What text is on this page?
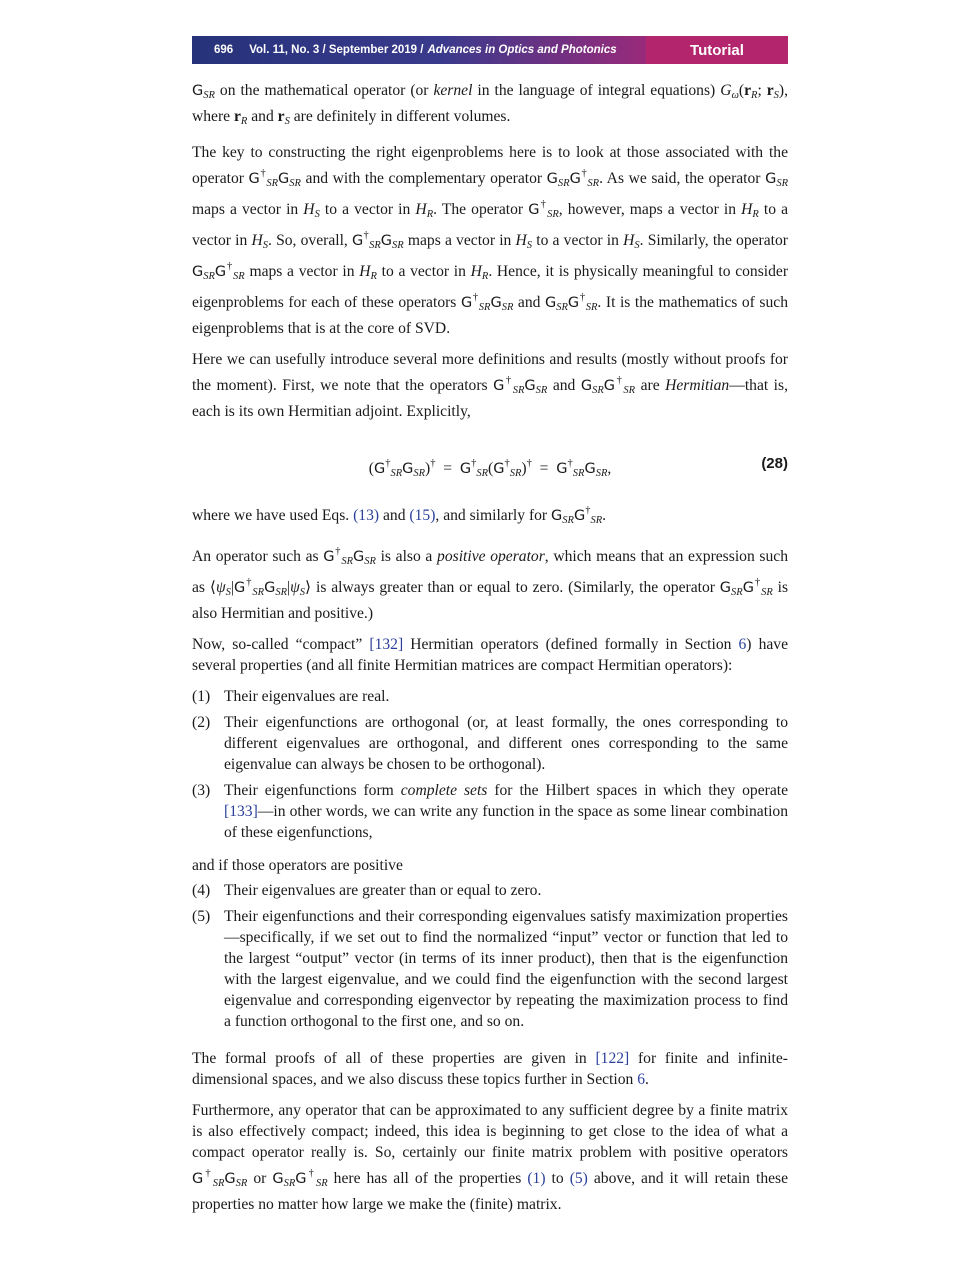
696 Vol. 11, No. 3 / September 2019 / Advances in Optics and Photonics	Tutorial

$G_{SR}$ on the mathematical operator (or kernel in the language of integral equations) $G_\omega(r_R$; $r_S$), where $r_R$ and $r_S$ are definitely in different volumes.

The key to constructing the right eigenproblems here is to look at those associated with the operator $G^\dagger_{SR}G_{SR}$ and with the complementary operator $G_{SR}G^\dagger_{SR}$. As we said, the operator $G_{SR}$ maps a vector in $H_S$ to a vector in $H_R$. The operator $G^\dagger_{SR}$, however, maps a vector in $H_R$ to a vector in $H_S$. So, overall, $G^\dagger_{SR}G_{SR}$ maps a vector in $H_S$ to a vector in $H_S$. Similarly, the operator $G_{SR}G^\dagger_{SR}$ maps a vector in $H_R$ to a vector in $H_R$. Hence, it is physically meaningful to consider eigenproblems for each of these operators $G^\dagger_{SR}G_{SR}$ and $G_{SR}G^\dagger_{SR}$. It is the mathematics of such eigenproblems that is at the core of SVD.

Here we can usefully introduce several more definitions and results (mostly without proofs for the moment). First, we note that the operators $G^\dagger_{SR}G_{SR}$ and $G_{SR}G^\dagger_{SR}$ are Hermitian—that is, each is its own Hermitian adjoint. Explicitly,

$(G^\dagger_{SR}G_{SR})^\dagger = G^\dagger_{SR}(G^\dagger_{SR})^\dagger = G^\dagger_{SR}G_{SR}$,	(28)

where we have used Eqs. (13) and (15), and similarly for $G_{SR}G^\dagger_{SR}$.

An operator such as $G^\dagger_{SR}G_{SR}$ is also a positive operator, which means that an expression such as $⟨\psi_S|G^\dagger_{SR}G_{SR}|\psi_S⟩$ is always greater than or equal to zero. (Similarly, the operator $G_{SR}G^\dagger_{SR}$ is also Hermitian and positive.)

Now, so-called “compact” [132] Hermitian operators (defined formally in Section 6) have several properties (and all finite Hermitian matrices are compact Hermitian operators):

(1) Their eigenvalues are real.
(2) Their eigenfunctions are orthogonal (or, at least formally, the ones corresponding to different eigenvalues are orthogonal, and different ones corresponding to the same eigenvalue can always be chosen to be orthogonal).
(3) Their eigenfunctions form complete sets for the Hilbert spaces in which they operate [133]—in other words, we can write any function in the space as some linear combination of these eigenfunctions,

and if those operators are positive

(4) Their eigenvalues are greater than or equal to zero.
(5) Their eigenfunctions and their corresponding eigenvalues satisfy maximization properties—specifically, if we set out to find the normalized “input” vector or function that led to the largest “output” vector (in terms of its inner product), then that is the eigenfunction with the largest eigenvalue, and we could find the eigenfunction with the second largest eigenvalue and corresponding eigenvector by repeating the maximization process to find a function orthogonal to the first one, and so on.

The formal proofs of all of these properties are given in [122] for finite and infinite-dimensional spaces, and we also discuss these topics further in Section 6.

Furthermore, any operator that can be approximated to any sufficient degree by a finite matrix is also effectively compact; indeed, this idea is beginning to get close to the idea of what a compact operator really is. So, certainly our finite matrix problem with positive operators $G^\dagger_{SR}G_{SR}$ or $G_{SR}G^\dagger_{SR}$ here has all of the properties (1) to (5) above, and it will retain these properties no matter how large we make the (finite) matrix.
